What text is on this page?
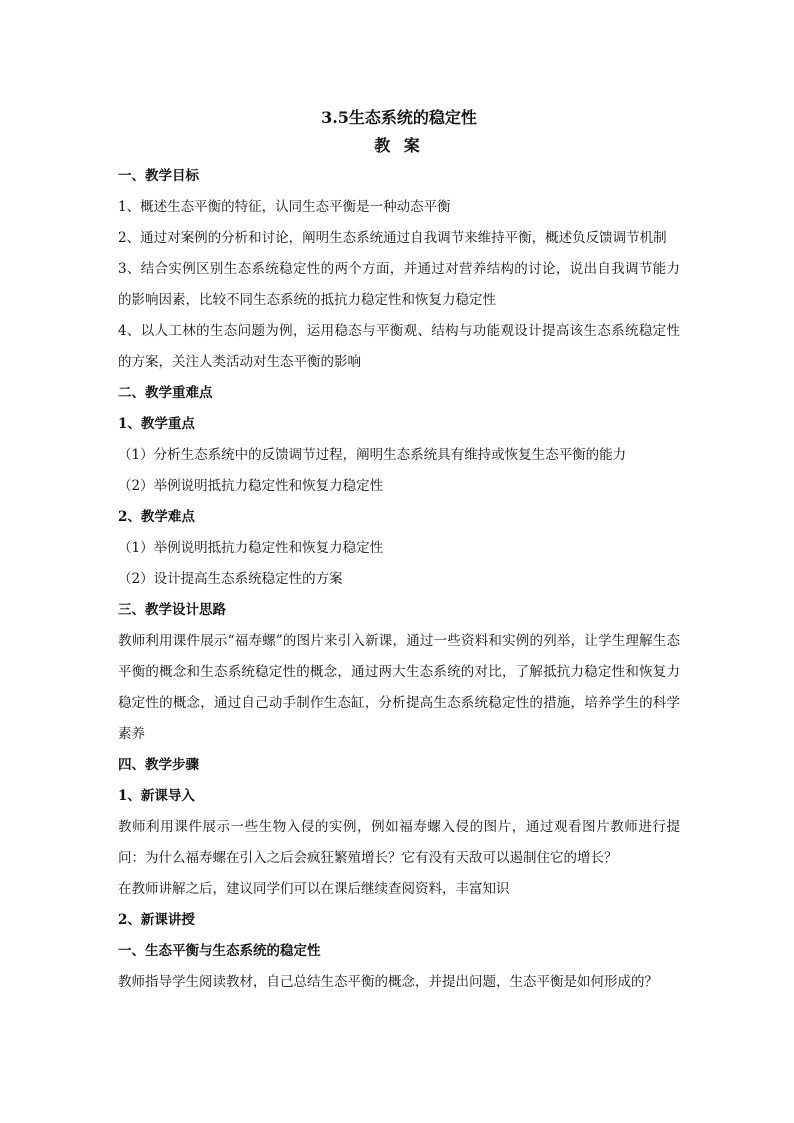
3.5生态系统的稳定性

教 案

一、教学目标

1、概述生态平衡的特征，认同生态平衡是一种动态平衡

2、通过对案例的分析和讨论，阐明生态系统通过自我调节来维持平衡，概述负反馈调节机制

3、结合实例区别生态系统稳定性的两个方面，并通过对营养结构的讨论，说出自我调节能力的影响因素，比较不同生态系统的抵抗力稳定性和恢复力稳定性

4、以人工林的生态问题为例，运用稳态与平衡观、结构与功能观设计提高该生态系统稳定性的方案，关注人类活动对生态平衡的影响

二、教学重难点

1、教学重点

（1）分析生态系统中的反馈调节过程，阐明生态系统具有维持或恢复生态平衡的能力

（2）举例说明抵抗力稳定性和恢复力稳定性

2、教学难点

（1）举例说明抵抗力稳定性和恢复力稳定性

（2）设计提高生态系统稳定性的方案

三、教学设计思路

教师利用课件展示“福寿螺”的图片来引入新课，通过一些资料和实例的列举，让学生理解生态平衡的概念和生态系统稳定性的概念，通过两大生态系统的对比，了解抵抗力稳定性和恢复力稳定性的概念，通过自己动手制作生态缸，分析提高生态系统稳定性的措施，培养学生的科学素养

四、教学步骤

1、新课导入

教师利用课件展示一些生物入侵的实例，例如福寿螺入侵的图片，通过观看图片教师进行提问：为什么福寿螺在引入之后会疯狂繁殖增长？它有没有天敌可以遏制住它的增长？

在教师讲解之后，建议同学们可以在课后继续查阅资料，丰富知识

2、新课讲授

一、生态平衡与生态系统的稳定性

教师指导学生阅读教材，自己总结生态平衡的概念，并提出问题，生态平衡是如何形成的？
